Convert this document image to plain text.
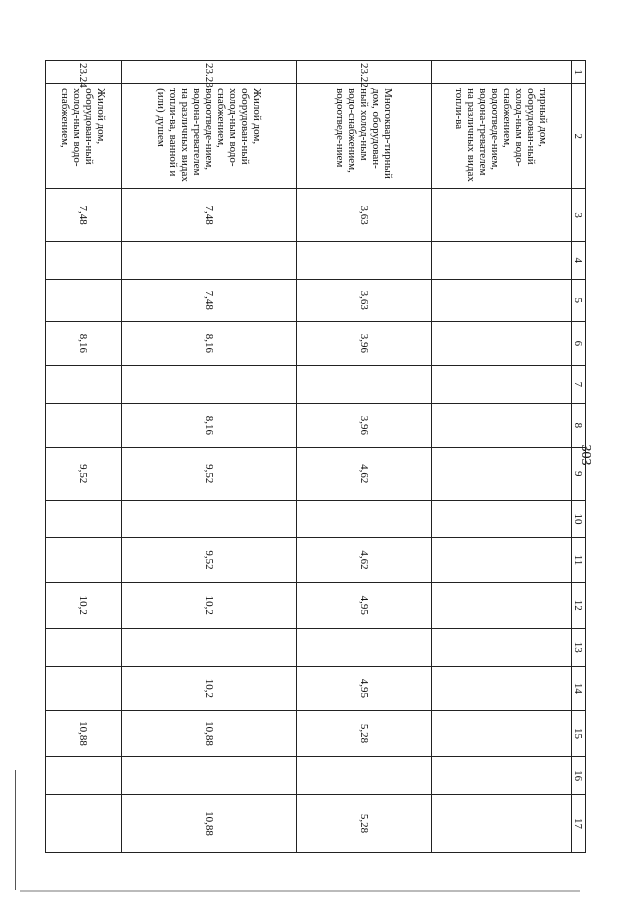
303
1	2	3	4	5	6	7	8	9	10	11	12	13	14	15	16	17
	тирный дом, оборудован-ный холод-ным водо-снабжением, водоотведе-нием, водона-гревателем на различных видах топли-ва															
23.22	Многоквар-тирный дом, оборудован-ный холод-ным водо-снабжением, водоотведе-нием	3,63		3,63	3,96		3,96	4,62		4,62	4,95		4,95	5,28		5,28
23.23	Жилой дом, оборудован-ный холод-ным водо-снабжением, водоотведе-нием, водона-гревателем на различных видах топли-ва, ванной и (или) душем	7,48		7,48	8,16		8,16	9,52		9,52	10,2		10,2	10,88		10,88
23.24	Жилой дом, оборудован-ный холод-ным водо-снабжением,	7,48			8,16			9,52			10,2			10,88		
